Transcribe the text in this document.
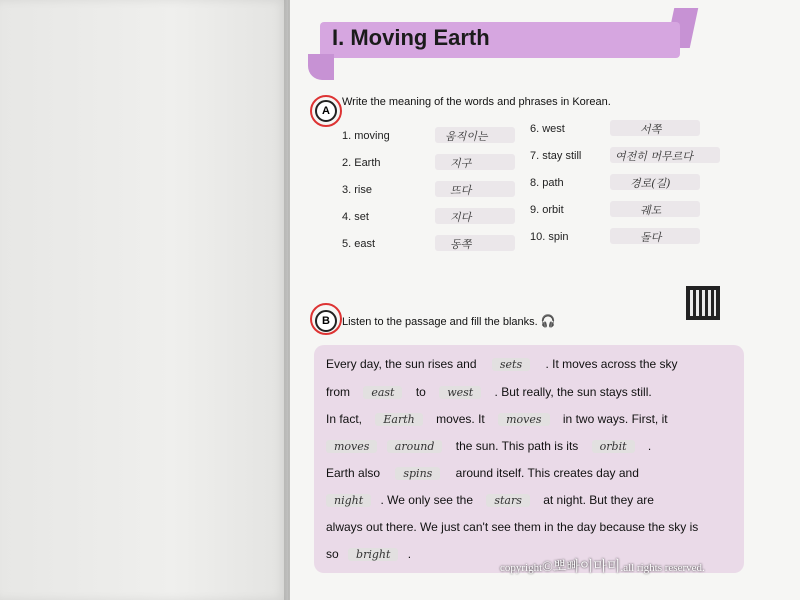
I. Moving Earth
A
Write the meaning of the words and phrases in Korean.
1. moving	움직이는
2. Earth	지구
3. rise	뜨다
4. set	지다
5. east	동쪽
6. west	서쪽
7. stay still	여전히 머무르다
8. path	경로(길)
9. orbit	궤도
10. spin	돌다
B	Listen to the passage and fill the blanks. 🎧
Every day, the sun rises and sets . It moves across the sky
from east to west . But really, the sun stays still.
In fact, Earth moves. It moves in two ways. First, it
moves around the sun. This path is its orbit .
Earth also spins around itself. This creates day and
night . We only see the stars at night. But they are
always out there. We just can't see them in the day because the sky is
so bright .
copyright©뽀빠이마미.all rights reserved.
